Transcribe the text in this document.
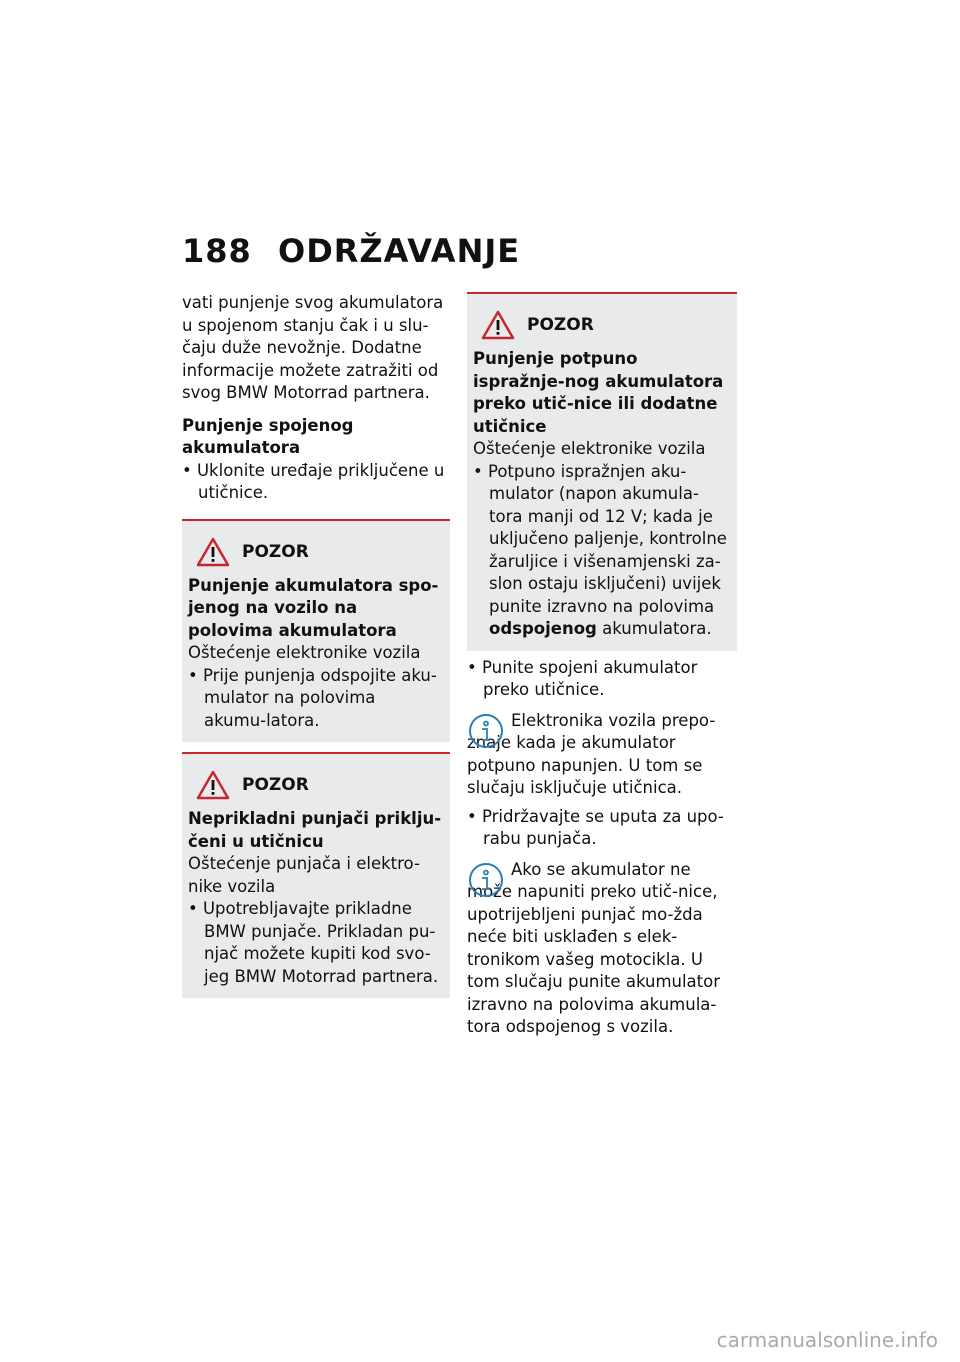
188 ODRŽAVANJE

vati punjenje svog akumulatora u spojenom stanju čak i u slu-čaju duže nevožnje. Dodatne informacije možete zatražiti od svog BMW Motorrad partnera.

Punjenje spojenog akumulatora

• Uklonite uređaje priključene u utičnice.

POZOR

Punjenje akumulatora spo-jenog na vozilo na polovima akumulatora

Oštećenje elektronike vozila

• Prije punjenja odspojite aku-mulator na polovima akumu-latora.

POZOR

Neprikladni punjači priklju-čeni u utičnicu

Oštećenje punjača i elektro-nike vozila

• Upotrebljavajte prikladne BMW punjače. Prikladan pu-njač možete kupiti kod svo-jeg BMW Motorrad partnera.

POZOR

Punjenje potpuno ispražnje-nog akumulatora preko utič-nice ili dodatne utičnice

Oštećenje elektronike vozila

• Potpuno ispražnjen aku-mulator (napon akumula-tora manji od 12 V; kada je uključeno paljenje, kontrolne žaruljice i višenamjenski za-slon ostaju isključeni) uvijek punite izravno na polovima odspojenog akumulatora.

• Punite spojeni akumulator preko utičnice.

Elektronika vozila prepo-znaje kada je akumulator potpuno napunjen. U tom se slučaju isključuje utičnica.

• Pridržavajte se uputa za upo-rabu punjača.

Ako se akumulator ne može napuniti preko utič-nice, upotrijebljeni punjač mo-žda neće biti usklađen s elek-tronikom vašeg motocikla. U tom slučaju punite akumulator izravno na polovima akumula-tora odspojenog s vozila.

carmanualsonline.info
